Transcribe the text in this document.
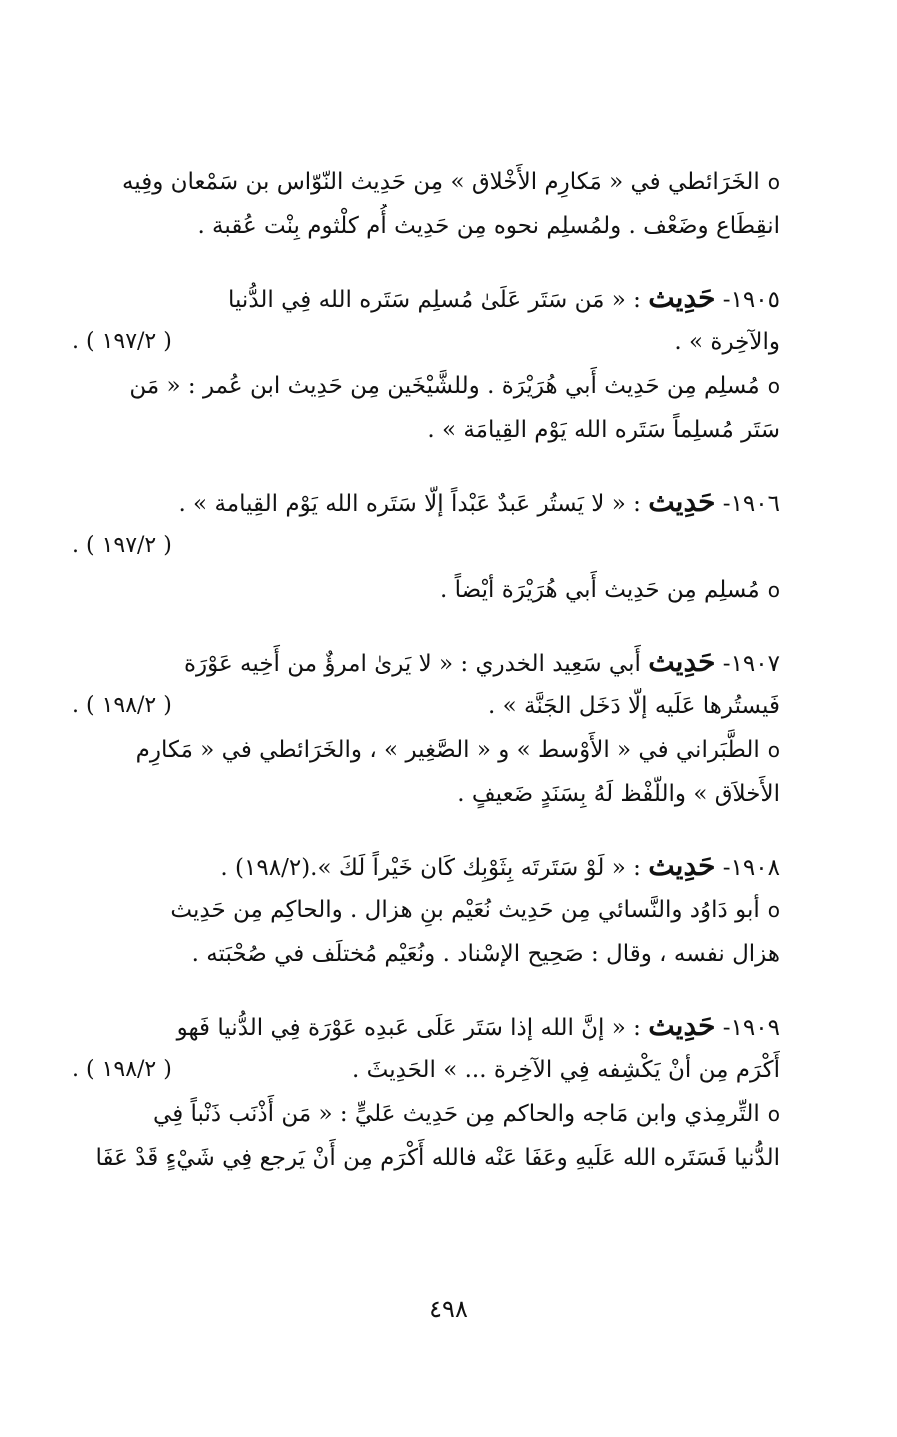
oالخَرَائطي في « مَكارِم الأَخْلاق » مِن حَدِيث النّوّاس بن سَمْعان وفِيه
انقِطَاع وضَعْف . ولمُسلِم نحوه مِن حَدِيث أُم كلْثوم بِنْت عُقبة .
١٩٠٥- حَدِيث : « مَن سَتَر عَلَىٰ مُسلِم سَتَره الله فِي الدُّنيا
والآخِرة » .
( ١٩٧/٢ ) .
oمُسلِم مِن حَدِيث أَبي هُرَيْرَة . وللشَّيْخَين مِن حَدِيث ابن عُمر : « مَن
سَتَر مُسلِماً سَتَره الله يَوْم القِيامَة » .
١٩٠٦- حَدِيث : « لا يَستُر عَبدٌ عَبْداً إلّا سَتَره الله يَوْم القِيامة » .
( ١٩٧/٢ ) .
oمُسلِم مِن حَدِيث أَبي هُرَيْرَة أيْضاً .
١٩٠٧- حَدِيث أَبي سَعِيد الخدري : « لا يَرىٰ امرؤٌ من أَخِيه عَوْرَة
فَيستُرها عَلَيه إلّا دَخَل الجَنَّة » .
( ١٩٨/٢ ) .
oالطَّبَراني في « الأَوْسط » و « الصَّغِير » ، والخَرَائطي في « مَكارِم
الأَخلاَق » واللّفْظ لَهُ بِسَنَدٍ ضَعيفٍ .
١٩٠٨- حَدِيث : « لَوْ سَتَرتَه بِثَوْبِك كَان خَيْراً لَكَ ».(١٩٨/٢) .
oأبو دَاوُد والنَّسائي مِن حَدِيث نُعَيْم بنِ هزال . والحاكِم مِن حَدِيث
هزال نفسه ، وقال : صَحِيح الإسْناد . ونُعَيْم مُختلَف في صُحْبَته .
١٩٠٩- حَدِيث : « إنَّ الله إذا سَتَر عَلَى عَبدِه عَوْرَة فِي الدُّنيا فَهو
أَكْرَم مِن أنْ يَكْشِفه فِي الآخِرة ... » الحَدِيثَ .
( ١٩٨/٢ ) .
oالتِّرمِذي وابن مَاجه والحاكم مِن حَدِيث عَليٍّ : « مَن أَذْنَب ذَنْباً فِي
الدُّنيا فَسَتَره الله عَلَيهِ وعَفَا عَنْه فالله أَكْرَم مِن أَنْ يَرجع فِي شَيْءٍ قَدْ عَفَا
٤٩٨
